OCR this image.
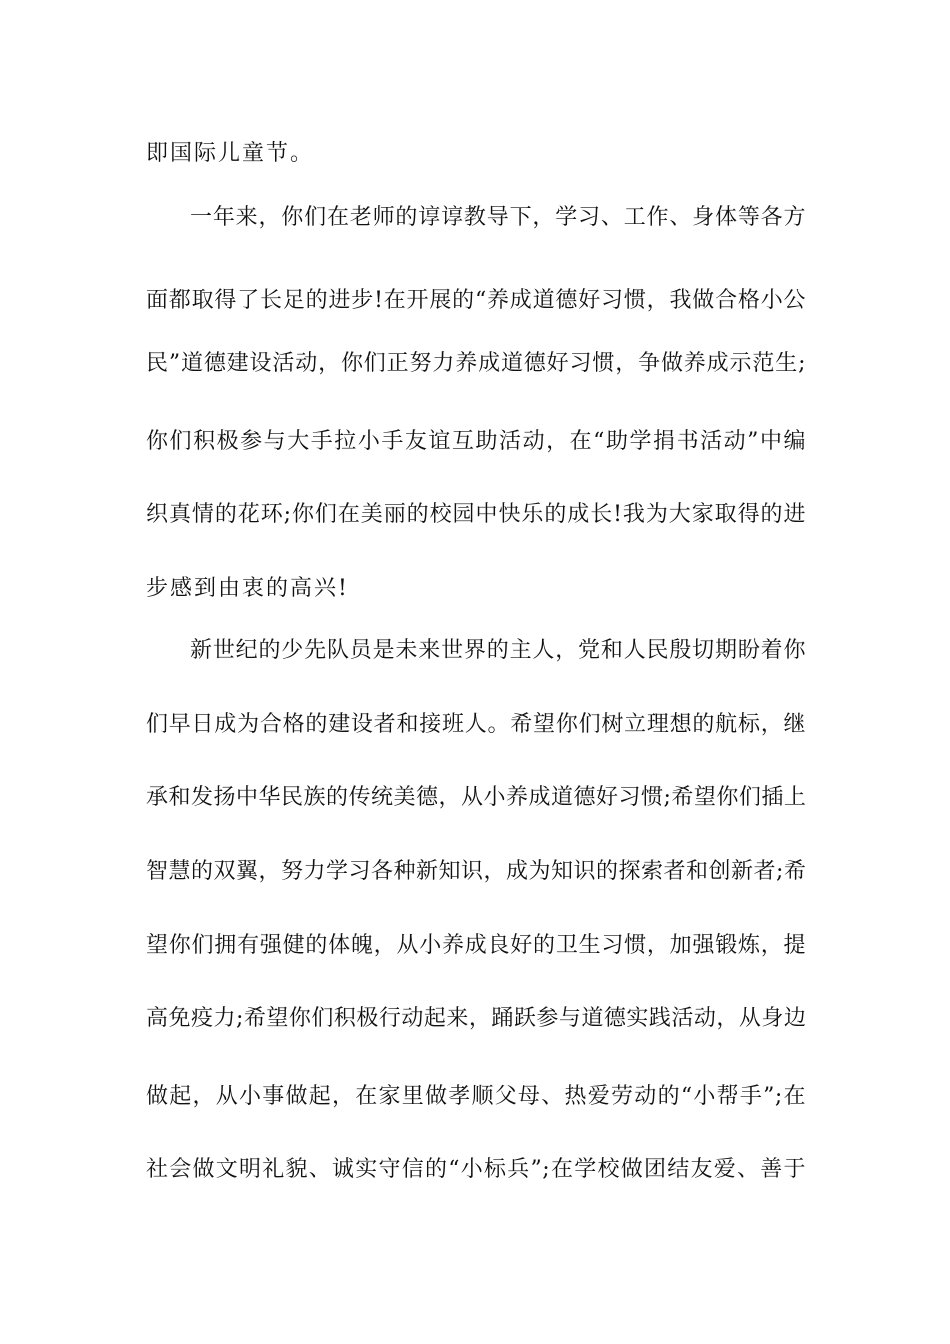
即国际儿童节。
一年来，你们在老师的谆谆教导下，学习、工作、身体等各方
面都取得了长足的进步!在开展的“养成道德好习惯，我做合格小公
民”道德建设活动，你们正努力养成道德好习惯，争做养成示范生;
你们积极参与大手拉小手友谊互助活动，在“助学捐书活动”中编
织真情的花环;你们在美丽的校园中快乐的成长!我为大家取得的进
步感到由衷的高兴!
新世纪的少先队员是未来世界的主人，党和人民殷切期盼着你
们早日成为合格的建设者和接班人。希望你们树立理想的航标，继
承和发扬中华民族的传统美德，从小养成道德好习惯;希望你们插上
智慧的双翼，努力学习各种新知识，成为知识的探索者和创新者;希
望你们拥有强健的体魄，从小养成良好的卫生习惯，加强锻炼，提
高免疫力;希望你们积极行动起来，踊跃参与道德实践活动，从身边
做起，从小事做起，在家里做孝顺父母、热爱劳动的“小帮手”;在
社会做文明礼貌、诚实守信的“小标兵”;在学校做团结友爱、善于
